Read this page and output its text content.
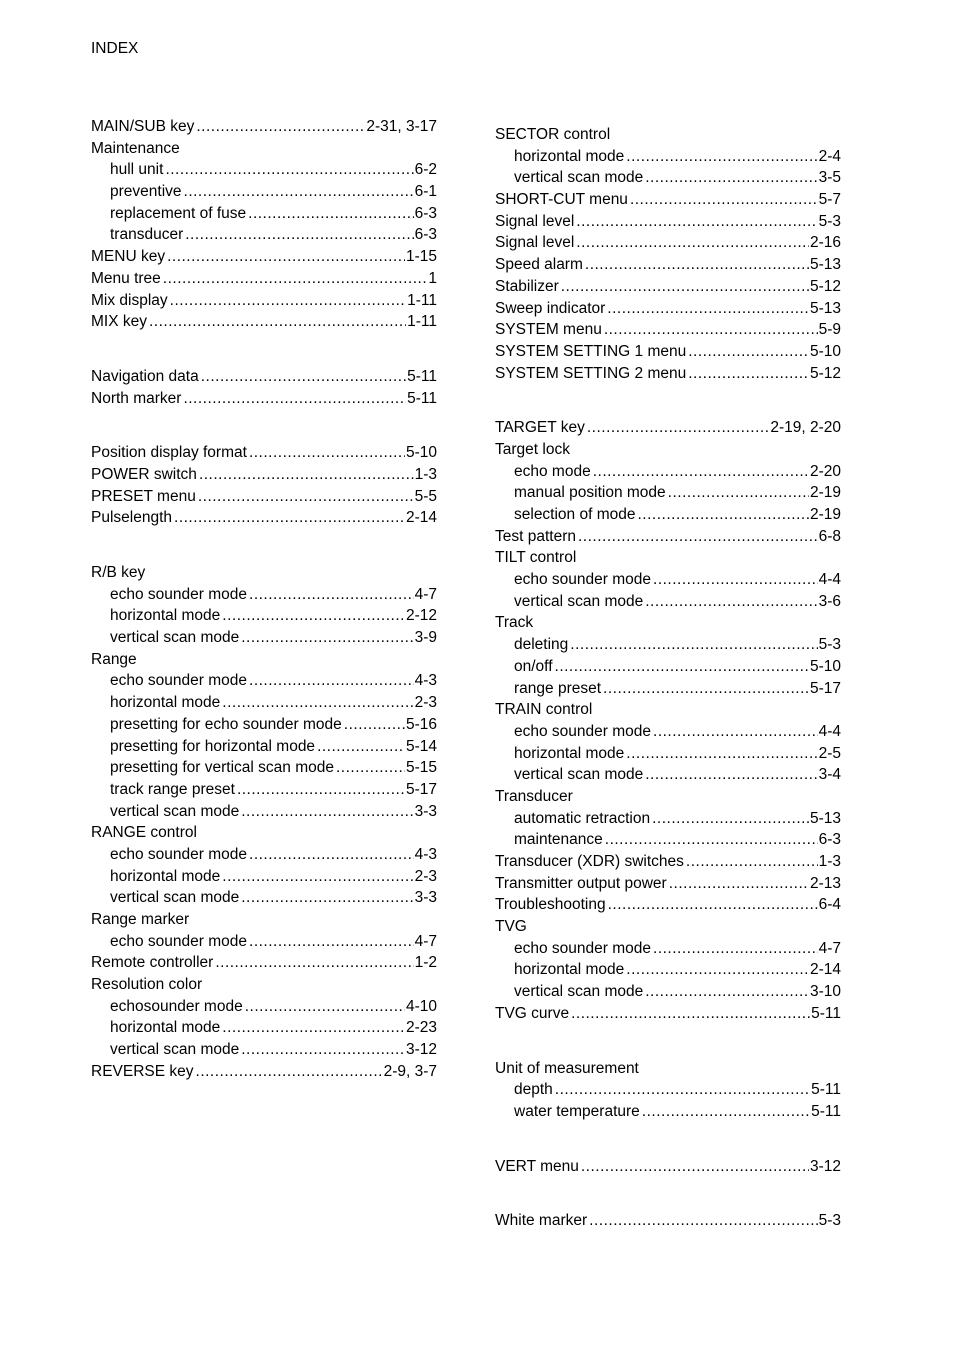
INDEX
MAIN/SUB key .....	2-31, 3-17
Maintenance
hull unit .....	6-2
preventive .....	6-1
replacement of fuse .....	6-3
transducer .....	6-3
MENU key .....	1-15
Menu tree .....	1
Mix display .....	1-11
MIX key .....	1-11
Navigation data .....	5-11
North marker .....	5-11
Position display format .....	5-10
POWER switch .....	1-3
PRESET menu .....	5-5
Pulselength .....	2-14
R/B key
echo sounder mode .....	4-7
horizontal mode .....	2-12
vertical scan mode .....	3-9
Range
echo sounder mode .....	4-3
horizontal mode .....	2-3
presetting for echo sounder mode .....	5-16
presetting for horizontal mode .....	5-14
presetting for vertical scan mode .....	5-15
track range preset .....	5-17
vertical scan mode .....	3-3
RANGE control
echo sounder mode .....	4-3
horizontal mode .....	2-3
vertical scan mode .....	3-3
Range marker
echo sounder mode .....	4-7
Remote controller .....	1-2
Resolution color
echosounder mode .....	4-10
horizontal mode .....	2-23
vertical scan mode .....	3-12
REVERSE key .....	2-9, 3-7
SECTOR control
horizontal mode .....	2-4
vertical scan mode .....	3-5
SHORT-CUT menu .....	5-7
Signal level .....	5-3
Signal level .....	2-16
Speed alarm .....	5-13
Stabilizer .....	5-12
Sweep indicator .....	5-13
SYSTEM menu .....	5-9
SYSTEM SETTING 1 menu .....	5-10
SYSTEM SETTING 2 menu .....	5-12
TARGET key .....	2-19, 2-20
Target lock
echo mode .....	2-20
manual position mode .....	2-19
selection of mode .....	2-19
Test pattern .....	6-8
TILT control
echo sounder mode .....	4-4
vertical scan mode .....	3-6
Track
deleting .....	5-3
on/off .....	5-10
range preset .....	5-17
TRAIN control
echo sounder mode .....	4-4
horizontal mode .....	2-5
vertical scan mode .....	3-4
Transducer
automatic retraction .....	5-13
maintenance .....	6-3
Transducer (XDR) switches .....	1-3
Transmitter output power .....	2-13
Troubleshooting .....	6-4
TVG
echo sounder mode .....	4-7
horizontal mode .....	2-14
vertical scan mode .....	3-10
TVG curve .....	5-11
Unit of measurement
depth .....	5-11
water temperature .....	5-11
VERT menu .....	3-12
White marker .....	5-3
